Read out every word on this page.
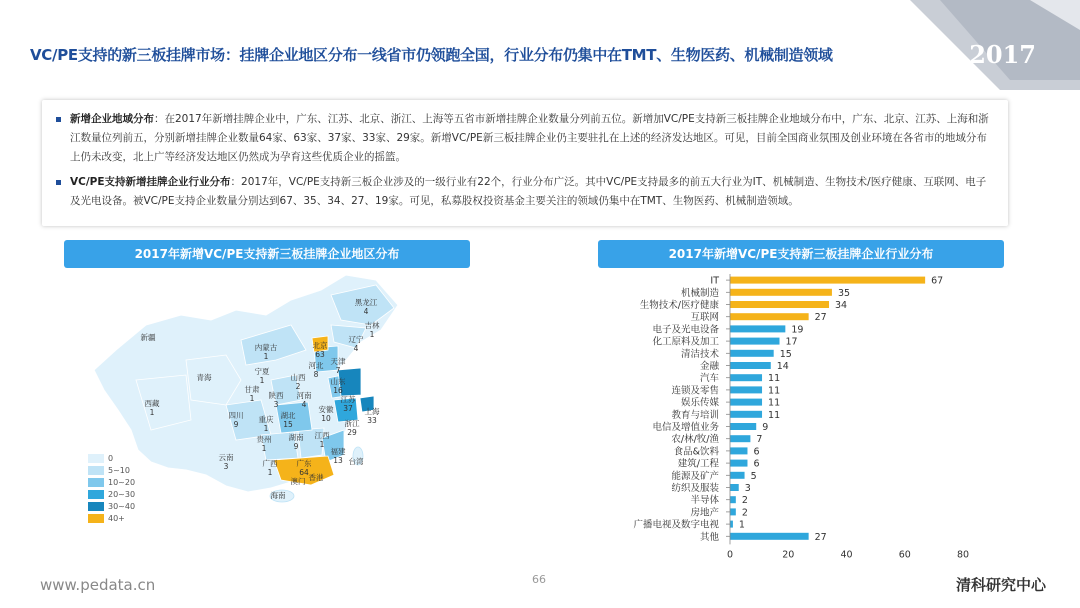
VC/PE支持的新三板挂牌市场：挂牌企业地区分布一线省市仍领跑全国，行业分布仍集中在TMT、生物医药、机械制造领域	2017
新增企业地域分布：在2017年新增挂牌企业中，广东、江苏、北京、浙江、上海等五省市新增挂牌企业数量分列前五位。新增加VC/PE支持新三板挂牌企业地域分布中，广东、北京、江苏、上海和浙江数量位列前五，分别新增挂牌企业数量64家、63家、37家、33家、29家。新增VC/PE新三板挂牌企业仍主要驻扎在上述的经济发达地区。可见，目前全国商业氛围及创业环境在各省市的地域分布上仍未改变，北上广等经济发达地区仍然成为孕育这些优质企业的摇篮。
VC/PE支持新增挂牌企业行业分布：2017年，VC/PE支持新三板企业涉及的一级行业有22个，行业分布广泛。其中VC/PE支持最多的前五大行业为IT、机械制造、生物技术/医疗健康、互联网、电子及光电设备。被VC/PE支持企业数量分别达到67、35、34、27、19家。可见，私募股权投资基金主要关注的领域仍集中在TMT、生物医药、机械制造领域。
2017年新增VC/PE支持新三板挂牌企业地区分布	2017年新增VC/PE支持新三板挂牌企业行业分布
黑龙江
4
吉林
1
辽宁
4
内蒙古
1
北京
63
天津
7
河北
8
山西
2
山东
16
宁夏
1
新疆
青海
甘肃
1 陕西
3
河南
4
江苏
37
安徽
10
上海
33
西藏
1	四川
9
重庆
1
湖北
15	浙江
29
贵州
1
湖南
9
江西
1
福建
13
云南
3	广西
1
广东
64
台湾
澳门 香港
海南
0
5~10
10~20
20~30
30~40
40+
IT	67
机械制造	35
生物技术/医疗健康	34
互联网	27
电子及光电设备	19
化工原料及加工	17
清洁技术	15
金融	14
汽车	11
连锁及零售	11
娱乐传媒	11
教育与培训	11
电信及增值业务	9
农/林/牧/渔	7
食品&饮料	6
建筑/工程	6
能源及矿产	5
纺织及服装	3
半导体 2
房地产 2
广播电视及数字电视 1
其他	27
0	20	40	60	80
www.pedata.cn	66	清科研究中心
